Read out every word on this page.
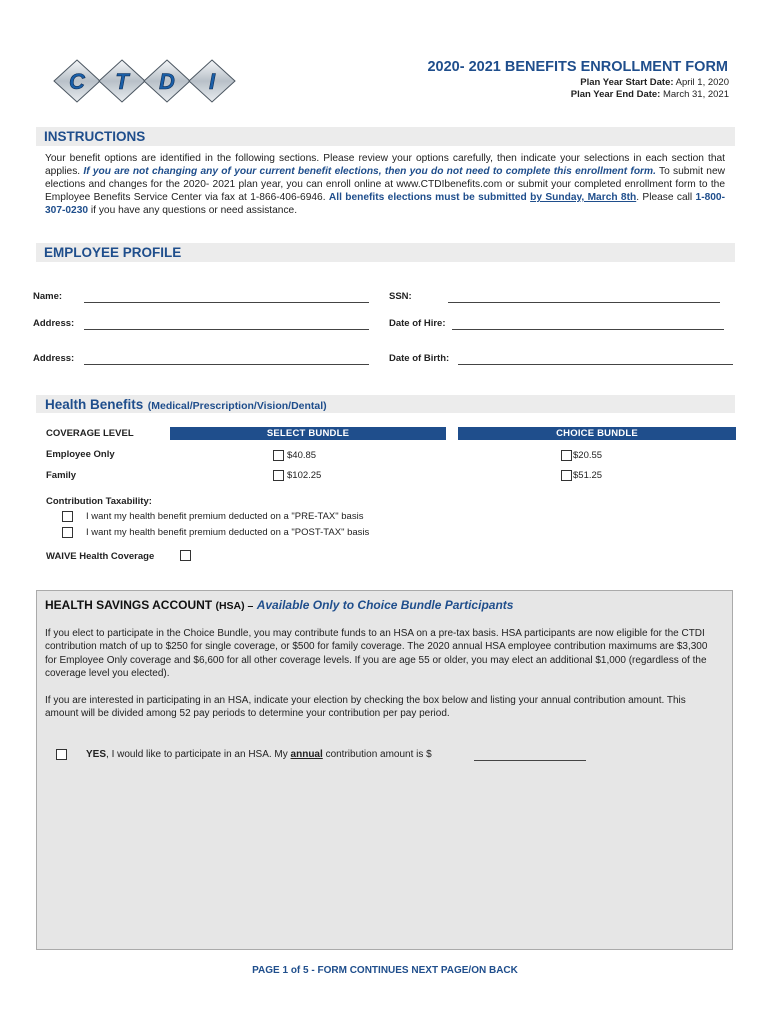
C T D I
2020- 2021 BENEFITS ENROLLMENT FORM
Plan Year Start Date: April 1, 2020
Plan Year End Date: March 31, 2021
INSTRUCTIONS
Your benefit options are identified in the following sections. Please review your options carefully, then indicate your selections in each section that applies. If you are not changing any of your current benefit elections, then you do not need to complete this enrollment form. To submit new elections and changes for the 2020- 2021 plan year, you can enroll online at www.CTDIbenefits.com or submit your completed enrollment form to the Employee Benefits Service Center via fax at 1-866-406-6946. All benefits elections must be submitted by Sunday, March 8th. Please call 1-800-307-0230 if you have any questions or need assistance.
EMPLOYEE PROFILE
Name:	SSN:
Address:	Date of Hire:
Address:	Date of Birth:
Health Benefits (Medical/Prescription/Vision/Dental)
COVERAGE LEVEL	SELECT BUNDLE	CHOICE BUNDLE
Employee Only	$40.85	$20.55
Family	$102.25	$51.25
Contribution Taxability:
I want my health benefit premium deducted on a "PRE-TAX" basis
I want my health benefit premium deducted on a "POST-TAX" basis
WAIVE Health Coverage
HEALTH SAVINGS ACCOUNT (HSA) – Available Only to Choice Bundle Participants
If you elect to participate in the Choice Bundle, you may contribute funds to an HSA on a pre-tax basis. HSA participants are now eligible for the CTDI contribution match of up to $250 for single coverage, or $500 for family coverage. The 2020 annual HSA employee contribution maximums are $3,300 for Employee Only coverage and $6,600 for all other coverage levels. If you are age 55 or older, you may elect an additional $1,000 (regardless of the coverage level you elected).
If you are interested in participating in an HSA, indicate your election by checking the box below and listing your annual contribution amount. This amount will be divided among 52 pay periods to determine your contribution per pay period.
YES, I would like to participate in an HSA. My annual contribution amount is $
PAGE 1 of 5 - FORM CONTINUES NEXT PAGE/ON BACK
